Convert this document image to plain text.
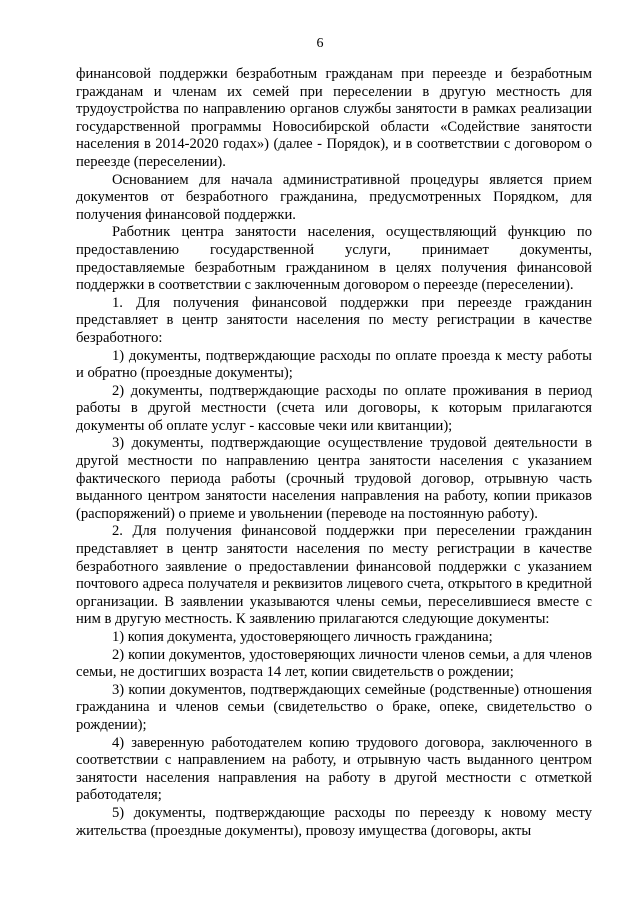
6

финансовой поддержки безработным гражданам при переезде и безработным гражданам и членам их семей при переселении в другую местность для трудоустройства по направлению органов службы занятости в рамках реализации государственной программы Новосибирской области «Содействие занятости населения в 2014-2020 годах») (далее - Порядок), и в соответствии с договором о переезде (переселении).

Основанием для начала административной процедуры является прием документов от безработного гражданина, предусмотренных Порядком, для получения финансовой поддержки.

Работник центра занятости населения, осуществляющий функцию по предоставлению государственной услуги, принимает документы, предоставляемые безработным гражданином в целях получения финансовой поддержки в соответствии с заключенным договором о переезде (переселении).

1. Для получения финансовой поддержки при переезде гражданин представляет в центр занятости населения по месту регистрации в качестве безработного:

1) документы, подтверждающие расходы по оплате проезда к месту работы и обратно (проездные документы);

2) документы, подтверждающие расходы по оплате проживания в период работы в другой местности (счета или договоры, к которым прилагаются документы об оплате услуг - кассовые чеки или квитанции);

3) документы, подтверждающие осуществление трудовой деятельности в другой местности по направлению центра занятости населения с указанием фактического периода работы (срочный трудовой договор, отрывную часть выданного центром занятости населения направления на работу, копии приказов (распоряжений) о приеме и увольнении (переводе на постоянную работу).

2. Для получения финансовой поддержки при переселении гражданин представляет в центр занятости населения по месту регистрации в качестве безработного заявление о предоставлении финансовой поддержки с указанием почтового адреса получателя и реквизитов лицевого счета, открытого в кредитной организации. В заявлении указываются члены семьи, переселившиеся вместе с ним в другую местность. К заявлению прилагаются следующие документы:

1) копия документа, удостоверяющего личность гражданина;

2) копии документов, удостоверяющих личности членов семьи, а для членов семьи, не достигших возраста 14 лет, копии свидетельств о рождении;

3) копии документов, подтверждающих семейные (родственные) отношения гражданина и членов семьи (свидетельство о браке, опеке, свидетельство о рождении);

4) заверенную работодателем копию трудового договора, заключенного в соответствии с направлением на работу, и отрывную часть выданного центром занятости населения направления на работу в другой местности с отметкой работодателя;

5) документы, подтверждающие расходы по переезду к новому месту жительства (проездные документы), провозу имущества (договоры, акты
